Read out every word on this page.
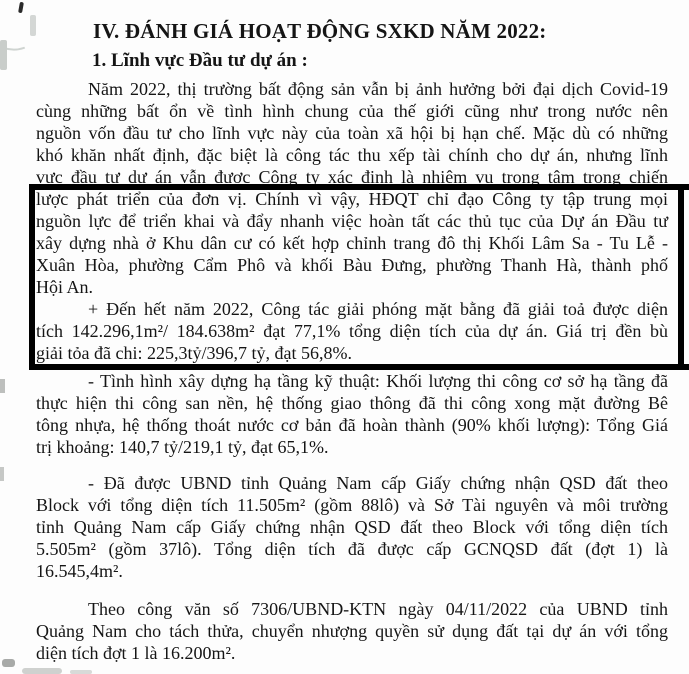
IV. ĐÁNH GIÁ HOẠT ĐỘNG SXKD NĂM 2022:
1. Lĩnh vực Đầu tư dự án :
Năm 2022, thị trường bất động sản vẫn bị ảnh hưởng bởi đại dịch Covid-19
cùng những bất ổn về tình hình chung của thế giới cũng như trong nước nên
nguồn vốn đầu tư cho lĩnh vực này của toàn xã hội bị hạn chế. Mặc dù có những
khó khăn nhất định, đặc biệt là công tác thu xếp tài chính cho dự án, nhưng lĩnh
vực đầu tư dự án vẫn được Công ty xác định là nhiệm vụ trọng tâm trong chiến
lược phát triển của đơn vị. Chính vì vậy, HĐQT chỉ đạo Công ty tập trung mọi
nguồn lực để triển khai và đẩy nhanh việc hoàn tất các thủ tục của Dự án Đầu tư
xây dựng nhà ở Khu dân cư có kết hợp chỉnh trang đô thị Khối Lâm Sa - Tu Lễ -
Xuân Hòa, phường Cẩm Phô và khối Bàu Đưng, phường Thanh Hà, thành phố
Hội An.
+ Đến hết năm 2022, Công tác giải phóng mặt bằng đã giải toả được diện
tích 142.296,1m²/ 184.638m² đạt 77,1% tổng diện tích của dự án. Giá trị đền bù
giải tỏa đã chi: 225,3tỷ/396,7 tỷ, đạt 56,8%.
- Tình hình xây dựng hạ tầng kỹ thuật: Khối lượng thi công cơ sở hạ tầng đã
thực hiện thi công san nền, hệ thống giao thông đã thi công xong mặt đường Bê
tông nhựa, hệ thống thoát nước cơ bản đã hoàn thành (90% khối lượng): Tổng Giá
trị khoảng: 140,7 tỷ/219,1 tỷ, đạt 65,1%.
- Đã được UBND tỉnh Quảng Nam cấp Giấy chứng nhận QSD đất theo
Block với tổng diện tích 11.505m² (gồm 88lô) và Sở Tài nguyên và môi trường
tỉnh Quảng Nam cấp Giấy chứng nhận QSD đất theo Block với tổng diện tích
5.505m² (gồm 37lô). Tổng diện tích đã được cấp GCNQSD đất (đợt 1) là
16.545,4m².
Theo công văn số 7306/UBND-KTN ngày 04/11/2022 của UBND tỉnh
Quảng Nam cho tách thửa, chuyển nhượng quyền sử dụng đất tại dự án với tổng
diện tích đợt 1 là 16.200m².
